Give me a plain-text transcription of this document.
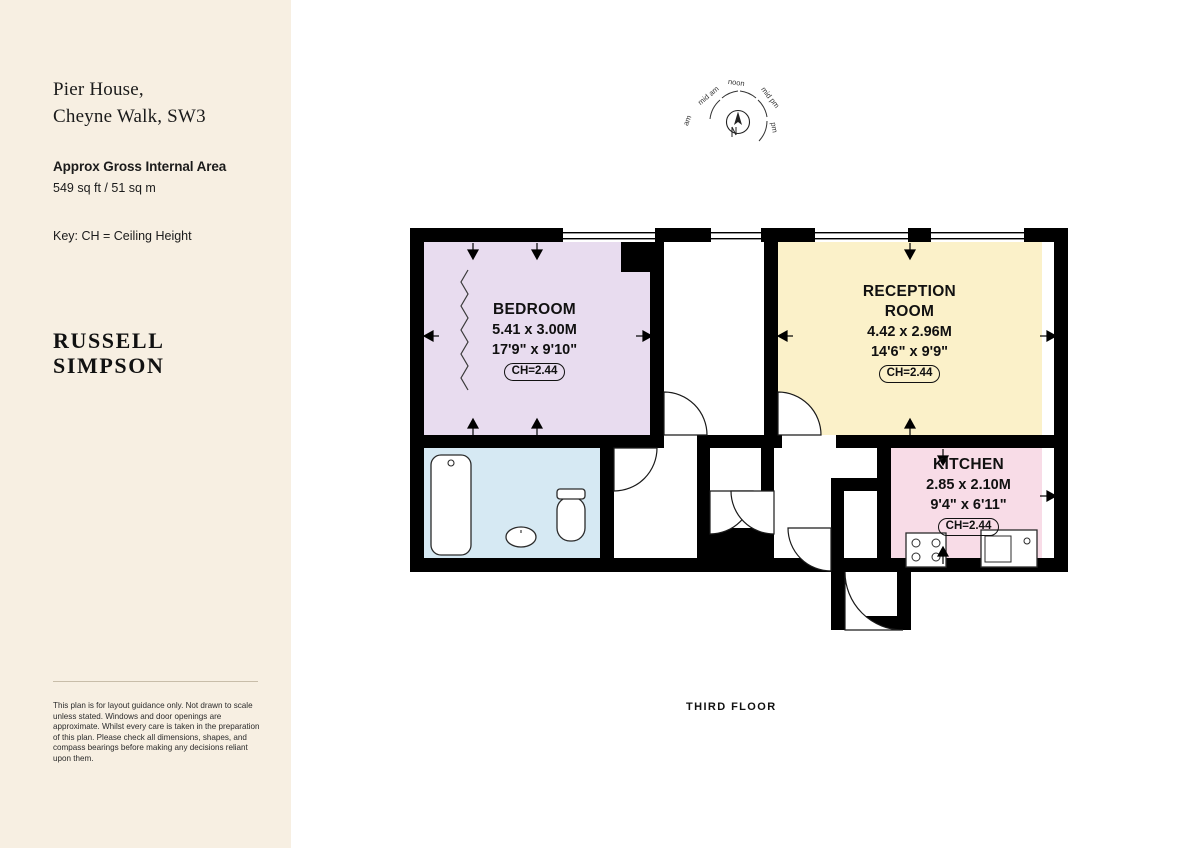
Pier House,
Cheyne Walk, SW3
Approx Gross Internal Area
549 sq ft / 51 sq m
Key: CH = Ceiling Height
RUSSELL
SIMPSON
This plan is for layout guidance only. Not drawn to scale unless stated. Windows and door openings are approximate. Whilst every care is taken in the preparation of this plan. Please check all dimensions, shapes, and compass bearings before making any decisions reliant upon them.
am
mid am
noon
mid pm
pm
BEDROOM
5.41 x 3.00M
17'9" x 9'10"
CH=2.44
RECEPTION
ROOM
4.42 x 2.96M
14'6" x 9'9"
CH=2.44
KITCHEN
2.85 x 2.10M
9'4" x 6'11"
CH=2.44
THIRD FLOOR
